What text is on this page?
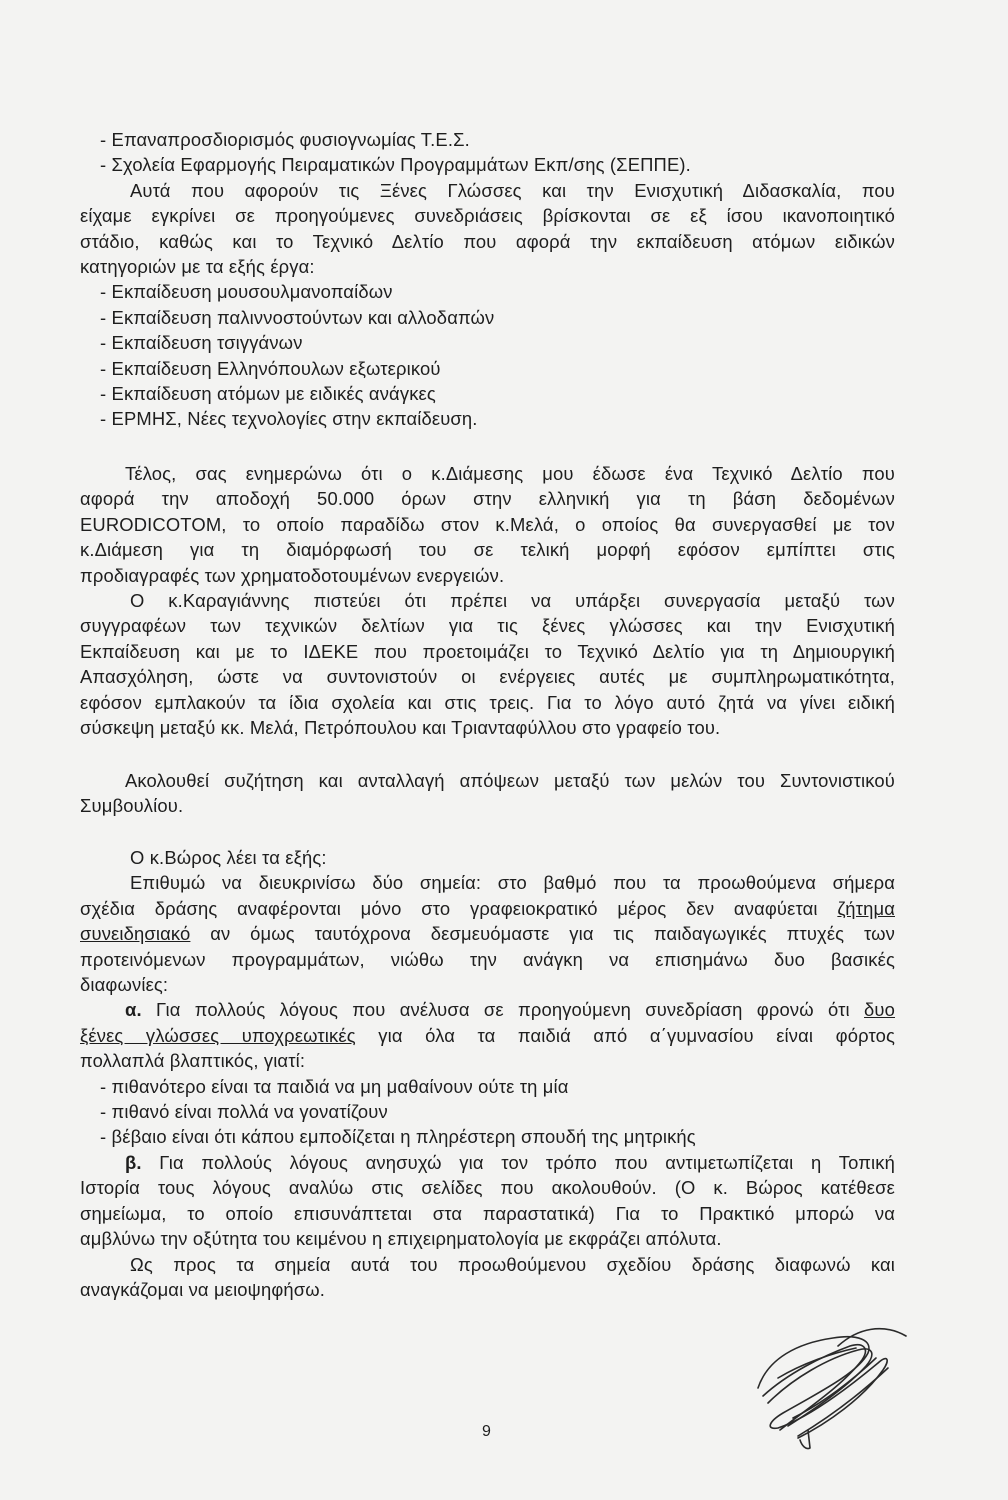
- Επαναπροσδιορισμός φυσιογνωμίας Τ.Ε.Σ.
- Σχολεία Εφαρμογής Πειραματικών Προγραμμάτων Εκπ/σης (ΣΕΠΠΕ).
Αυτά που αφορούν τις Ξένες Γλώσσες και την Ενισχυτική Διδασκαλία, που
είχαμε εγκρίνει σε προηγούμενες συνεδριάσεις βρίσκονται σε εξ ίσου ικανοποιητικό
στάδιο, καθώς και το Τεχνικό Δελτίο που αφορά την εκπαίδευση ατόμων ειδικών
κατηγοριών με τα εξής έργα:
- Εκπαίδευση μουσουλμανοπαίδων
- Εκπαίδευση παλιννοστούντων και αλλοδαπών
- Εκπαίδευση τσιγγάνων
- Εκπαίδευση Ελληνόπουλων εξωτερικού
- Εκπαίδευση ατόμων με ειδικές ανάγκες
- ΕΡΜΗΣ, Νέες τεχνολογίες στην εκπαίδευση.
Τέλος, σας ενημερώνω ότι ο κ.Διάμεσης μου έδωσε ένα Τεχνικό Δελτίο που
αφορά την αποδοχή 50.000 όρων στην ελληνική για τη βάση δεδομένων
EURODICOTOM, το οποίο παραδίδω στον κ.Μελά, ο οποίος θα συνεργασθεί με τον
κ.Διάμεση για τη διαμόρφωσή του σε τελική μορφή εφόσον εμπίπτει στις
προδιαγραφές των χρηματοδοτουμένων ενεργειών.
Ο κ.Καραγιάννης πιστεύει ότι πρέπει να υπάρξει συνεργασία μεταξύ των
συγγραφέων των τεχνικών δελτίων για τις ξένες γλώσσες και την Ενισχυτική
Εκπαίδευση και με το ΙΔΕΚΕ που προετοιμάζει το Τεχνικό Δελτίο για τη Δημιουργική
Απασχόληση, ώστε να συντονιστούν οι ενέργειες αυτές με συμπληρωματικότητα,
εφόσον εμπλακούν τα ίδια σχολεία και στις τρεις. Για το λόγο αυτό ζητά να γίνει ειδική
σύσκεψη μεταξύ κκ. Μελά, Πετρόπουλου και Τριανταφύλλου στο γραφείο του.
Ακολουθεί συζήτηση και ανταλλαγή απόψεων μεταξύ των μελών του Συντονιστικού
Συμβουλίου.
Ο κ.Βώρος λέει τα εξής:
Επιθυμώ να διευκρινίσω δύο σημεία: στο βαθμό που τα προωθούμενα σήμερα
σχέδια δράσης αναφέρονται μόνο στο γραφειοκρατικό μέρος δεν αναφύεται ζήτημα
συνειδησιακό αν όμως ταυτόχρονα δεσμευόμαστε για τις παιδαγωγικές πτυχές των
προτεινόμενων προγραμμάτων, νιώθω την ανάγκη να επισημάνω δυο βασικές
διαφωνίες:
α. Για πολλούς λόγους που ανέλυσα σε προηγούμενη συνεδρίαση φρονώ ότι δυο
ξένες γλώσσες υποχρεωτικές για όλα τα παιδιά από α΄γυμνασίου είναι φόρτος
πολλαπλά βλαπτικός, γιατί:
- πιθανότερο είναι τα παιδιά να μη μαθαίνουν ούτε τη μία
- πιθανό είναι πολλά να γονατίζουν
- βέβαιο είναι ότι κάπου εμποδίζεται η πληρέστερη σπουδή της μητρικής
β. Για πολλούς λόγους ανησυχώ για τον τρόπο που αντιμετωπίζεται η Τοπική
Ιστορία τους λόγους αναλύω στις σελίδες που ακολουθούν. (Ο κ. Βώρος κατέθεσε
σημείωμα, το οποίο επισυνάπτεται στα παραστατικά) Για το Πρακτικό μπορώ να
αμβλύνω την οξύτητα του κειμένου η επιχειρηματολογία με εκφράζει απόλυτα.
Ως προς τα σημεία αυτά του προωθούμενου σχεδίου δράσης διαφωνώ και
αναγκάζομαι να μειοψηφήσω.
9
